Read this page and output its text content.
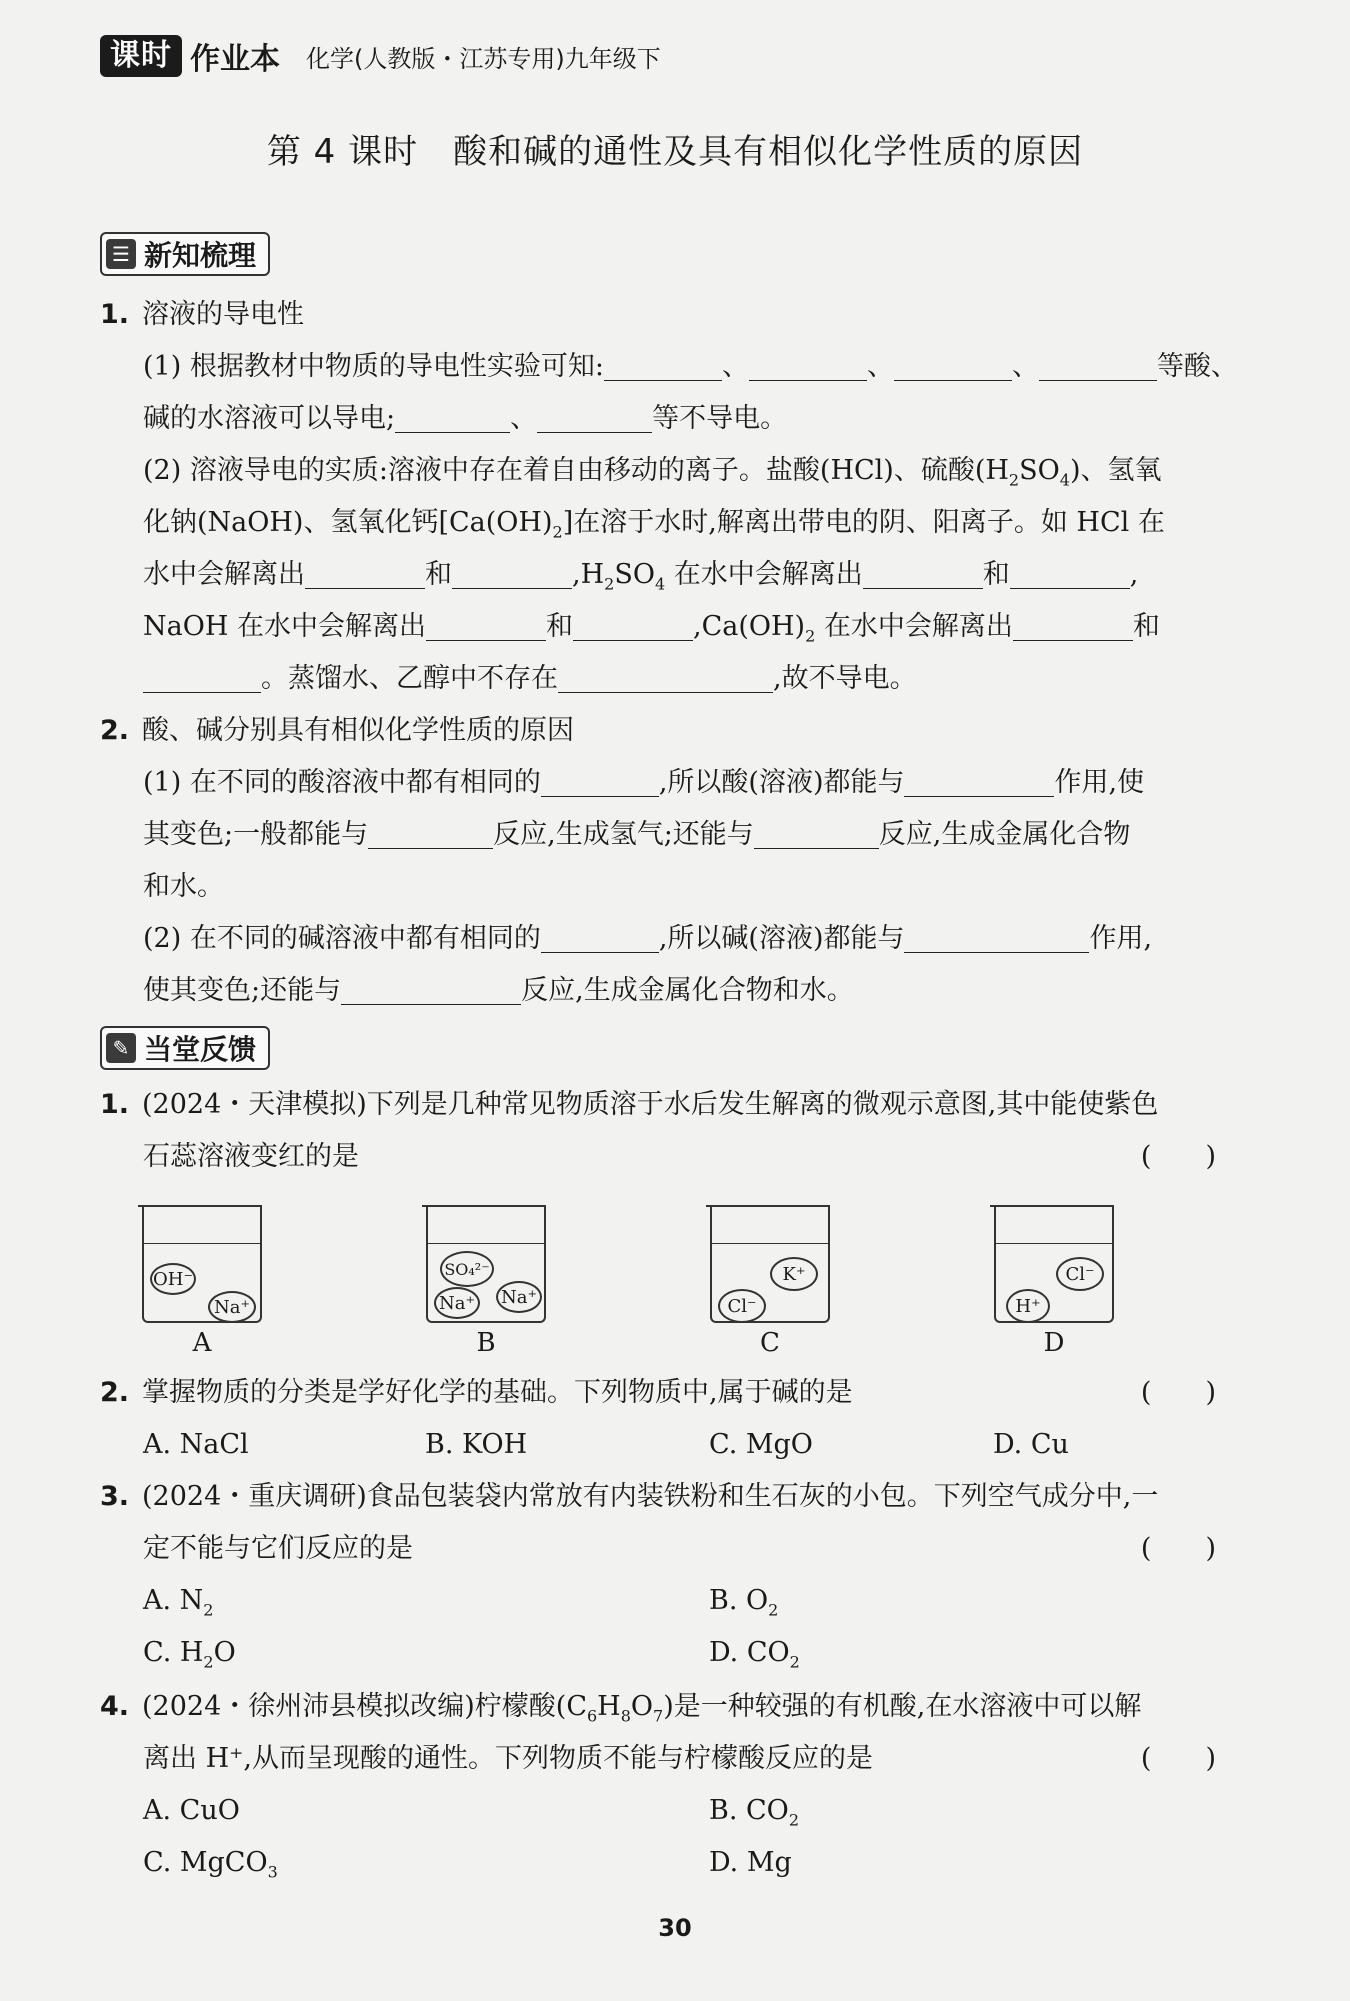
课时 作业本 化学(人教版・江苏专用)九年级下
第 4 课时　酸和碱的通性及具有相似化学性质的原因
☰ 新知梳理
1. 溶液的导电性
(1) 根据教材中物质的导电性实验可知:	、	、	、	等酸、
碱的水溶液可以导电;	、	等不导电。
(2) 溶液导电的实质:溶液中存在着自由移动的离子。盐酸(HCl)、硫酸$(H_2SO_4)$、氢氧
化钠(NaOH)、氢氧化钙$[Ca(OH)_2]$在溶于水时,解离出带电的阴、阳离子。如 HCl 在
水中会解离出	和	$,H_2SO_4$ 在水中会解离出	和	,
NaOH 在水中会解离出	和	$,Ca(OH)_2$ 在水中会解离出	和
。蒸馏水、乙醇中不存在	,故不导电。
2. 酸、碱分别具有相似化学性质的原因
(1) 在不同的酸溶液中都有相同的	,所以酸(溶液)都能与	作用,使
其变色;一般都能与	反应,生成氢气;还能与	反应,生成金属化合物
和水。
(2) 在不同的碱溶液中都有相同的	,所以碱(溶液)都能与	作用,
使其变色;还能与	反应,生成金属化合物和水。
✎ 当堂反馈
1. (2024・天津模拟)下列是几种常见物质溶于水后发生解离的微观示意图,其中能使紫色
石蕊溶液变红的是	(　　)
OH⁻
Na⁺
A
SO₄²⁻
Na⁺ Na⁺
B
K⁺
Cl⁻
C
Cl⁻
H⁺
D
2. 掌握物质的分类是学好化学的基础。下列物质中,属于碱的是	(　　)
A. NaCl	B. KOH	C. MgO	D. Cu
3. (2024・重庆调研)食品包装袋内常放有内装铁粉和生石灰的小包。下列空气成分中,一
定不能与它们反应的是	(　　)
A. $N_2$	B. $O_2$
C. $H_2O$	D. $CO_2$
4. (2024・徐州沛县模拟改编)柠檬酸$(C_6H_8O_7)$是一种较强的有机酸,在水溶液中可以解
离出 H⁺,从而呈现酸的通性。下列物质不能与柠檬酸反应的是	(　　)
A. CuO	B. $CO_2$
C. MgCO$_3$	D. Mg
30
